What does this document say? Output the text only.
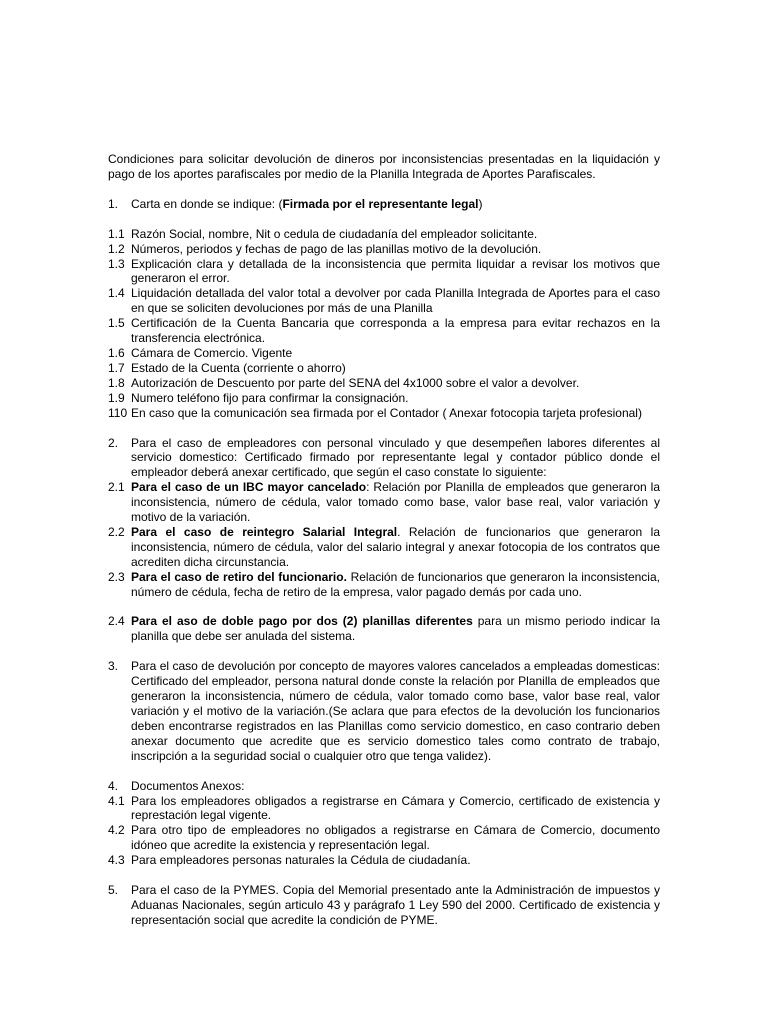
Condiciones para solicitar devolución de dineros por inconsistencias presentadas en la liquidación y pago de los aportes parafiscales por medio de la Planilla Integrada de Aportes Parafiscales.

1. Carta en donde se indique: (Firmada por el representante legal)
1.1 Razón Social, nombre, Nit o cedula de ciudadanía del empleador solicitante.
1.2 Números, periodos y fechas de pago de las planillas motivo de la devolución.
1.3 Explicación clara y detallada de la inconsistencia que permita liquidar a revisar los motivos que generaron el error.
1.4 Liquidación detallada del valor total a devolver por cada Planilla Integrada de Aportes para el caso en que se soliciten devoluciones por más de una Planilla
1.5 Certificación de la Cuenta Bancaria que corresponda a la empresa para evitar rechazos en la transferencia electrónica.
1.6 Cámara de Comercio. Vigente
1.7 Estado de la Cuenta (corriente o ahorro)
1.8 Autorización de Descuento por parte del SENA del 4x1000 sobre el valor a devolver.
1.9 Numero teléfono fijo para confirmar la consignación.
110 En caso que la comunicación sea firmada por el Contador ( Anexar fotocopia tarjeta profesional)
2. Para el caso de empleadores con personal vinculado y que desempeñen labores diferentes al servicio domestico: Certificado firmado por representante legal y contador público donde el empleador deberá anexar certificado, que según el caso constate lo siguiente:
2.1 Para el caso de un IBC mayor cancelado: Relación por Planilla de empleados que generaron la inconsistencia, número de cédula, valor tomado como base, valor base real, valor variación y motivo de la variación.
2.2 Para el caso de reintegro Salarial Integral. Relación de funcionarios que generaron la inconsistencia, número de cédula, valor del salario integral y anexar fotocopia de los contratos que acrediten dicha circunstancia.
2.3 Para el caso de retiro del funcionario. Relación de funcionarios que generaron la inconsistencia, número de cédula, fecha de retiro de la empresa, valor pagado demás por cada uno.
2.4 Para el aso de doble pago por dos (2) planillas diferentes para un mismo periodo indicar la planilla que debe ser anulada del sistema.
3. Para el caso de devolución por concepto de mayores valores cancelados a empleadas domesticas: Certificado del empleador, persona natural donde conste la relación por Planilla de empleados que generaron la inconsistencia, número de cédula, valor tomado como base, valor base real, valor variación y el motivo de la variación.(Se aclara que para efectos de la devolución los funcionarios deben encontrarse registrados en las Planillas como servicio domestico, en caso contrario deben anexar documento que acredite que es servicio domestico tales como contrato de trabajo, inscripción a la seguridad social o cualquier otro que tenga validez).
4. Documentos Anexos:
4.1 Para los empleadores obligados a registrarse en Cámara y Comercio, certificado de existencia y represtación legal vigente.
4.2 Para otro tipo de empleadores no obligados a registrarse en Cámara de Comercio, documento idóneo que acredite la existencia y representación legal.
4.3 Para empleadores personas naturales la Cédula de ciudadanía.
5. Para el caso de la PYMES. Copia del Memorial presentado ante la Administración de impuestos y Aduanas Nacionales, según articulo 43 y parágrafo 1 Ley 590 del 2000. Certificado de existencia y representación social que acredite la condición de PYME.
